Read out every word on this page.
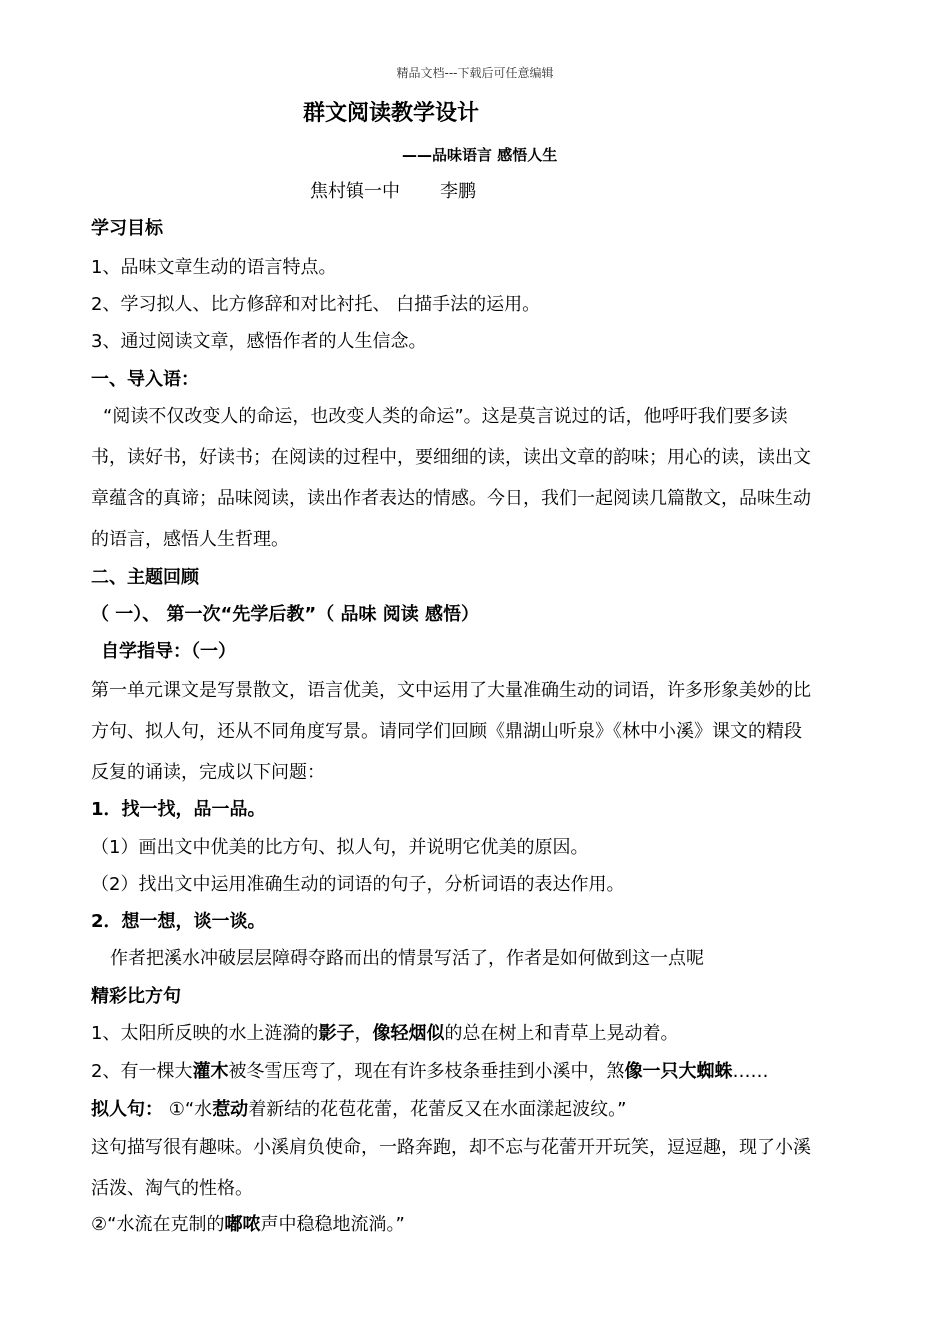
精品文档---下载后可任意编辑
群文阅读教学设计
——品味语言 感悟人生
焦村镇一中 李鹏
学习目标
1、品味文章生动的语言特点。
2、学习拟人、比方修辞和对比衬托、 白描手法的运用。
3、通过阅读文章，感悟作者的人生信念。
一、导入语：
“阅读不仅改变人的命运，也改变人类的命运”。这是莫言说过的话，他呼吁我们要多读
书，读好书，好读书；在阅读的过程中，要细细的读，读出文章的韵味；用心的读，读出文
章蕴含的真谛；品味阅读，读出作者表达的情感。今日，我们一起阅读几篇散文，品味生动
的语言，感悟人生哲理。
二、主题回顾
（ 一）、 第一次“先学后教”（ 品味 阅读 感悟）
自学指导：（一）
第一单元课文是写景散文，语言优美，文中运用了大量准确生动的词语，许多形象美妙的比
方句、拟人句，还从不同角度写景。请同学们回顾《鼎湖山听泉》《林中小溪》课文的精段
反复的诵读，完成以下问题：
1．找一找，品一品。
（1）画出文中优美的比方句、拟人句，并说明它优美的原因。
（2）找出文中运用准确生动的词语的句子，分析词语的表达作用。
2．想一想，谈一谈。
作者把溪水冲破层层障碍夺路而出的情景写活了，作者是如何做到这一点呢
精彩比方句
1、太阳所反映的水上涟漪的影子，像轻烟似的总在树上和青草上晃动着。
2、有一棵大灌木被冬雪压弯了，现在有许多枝条垂挂到小溪中，煞像一只大蜘蛛……
拟人句： ①“水惹动着新结的花苞花蕾，花蕾反又在水面漾起波纹。”
这句描写很有趣味。小溪肩负使命，一路奔跑，却不忘与花蕾开开玩笑，逗逗趣，现了小溪
活泼、淘气的性格。
②“水流在克制的嘟哝声中稳稳地流淌。”
